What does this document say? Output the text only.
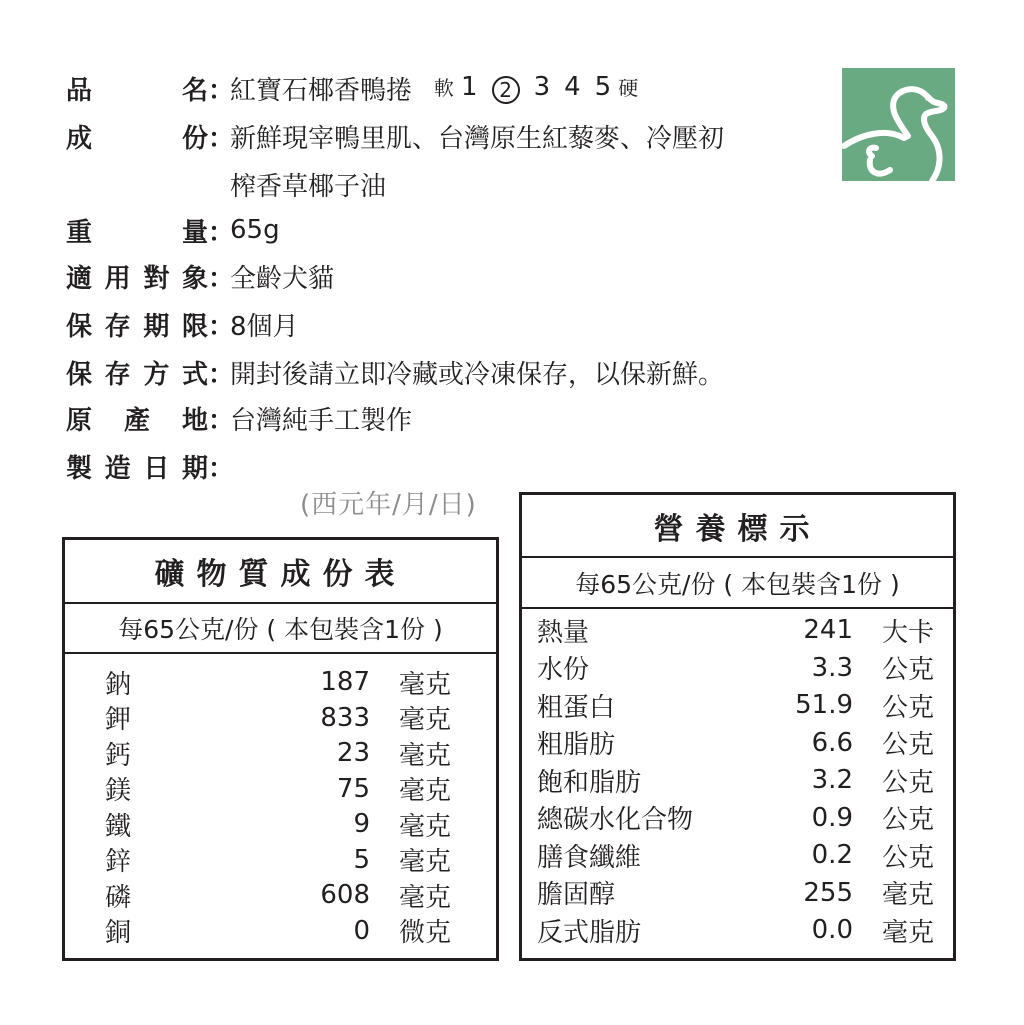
品	名 ：
紅寶石椰香鴨捲 軟 1 2 3 4 5 硬
成	份 ：
新鮮現宰鴨里肌、台灣原生紅藜麥、冷壓初
榨香草椰子油
重	量 ：
65g
適 用 對 象 ：
全齡犬貓
保 存 期 限 ：
8個月
保 存 方 式 ：
開封後請立即冷藏或冷凍保存，以保新鮮。
原 產 地 ：
台灣純手工製作
製 造 日 期 ：
(西元年/月/日)
礦物質成份表
每65公克/份 ( 本包裝含1份 )
鈉	187 毫克
鉀	833 毫克
鈣	23 毫克
鎂	75 毫克
鐵	9 毫克
鋅	5 毫克
磷	608 毫克
銅	0 微克
營養標示
每65公克/份 ( 本包裝含1份 )
熱量	241 大卡
水份	3.3 公克
粗蛋白	51.9 公克
粗脂肪	6.6 公克
飽和脂肪	3.2 公克
總碳水化合物	0.9 公克
膳食纖維	0.2 公克
膽固醇	255 毫克
反式脂肪	0.0 毫克
